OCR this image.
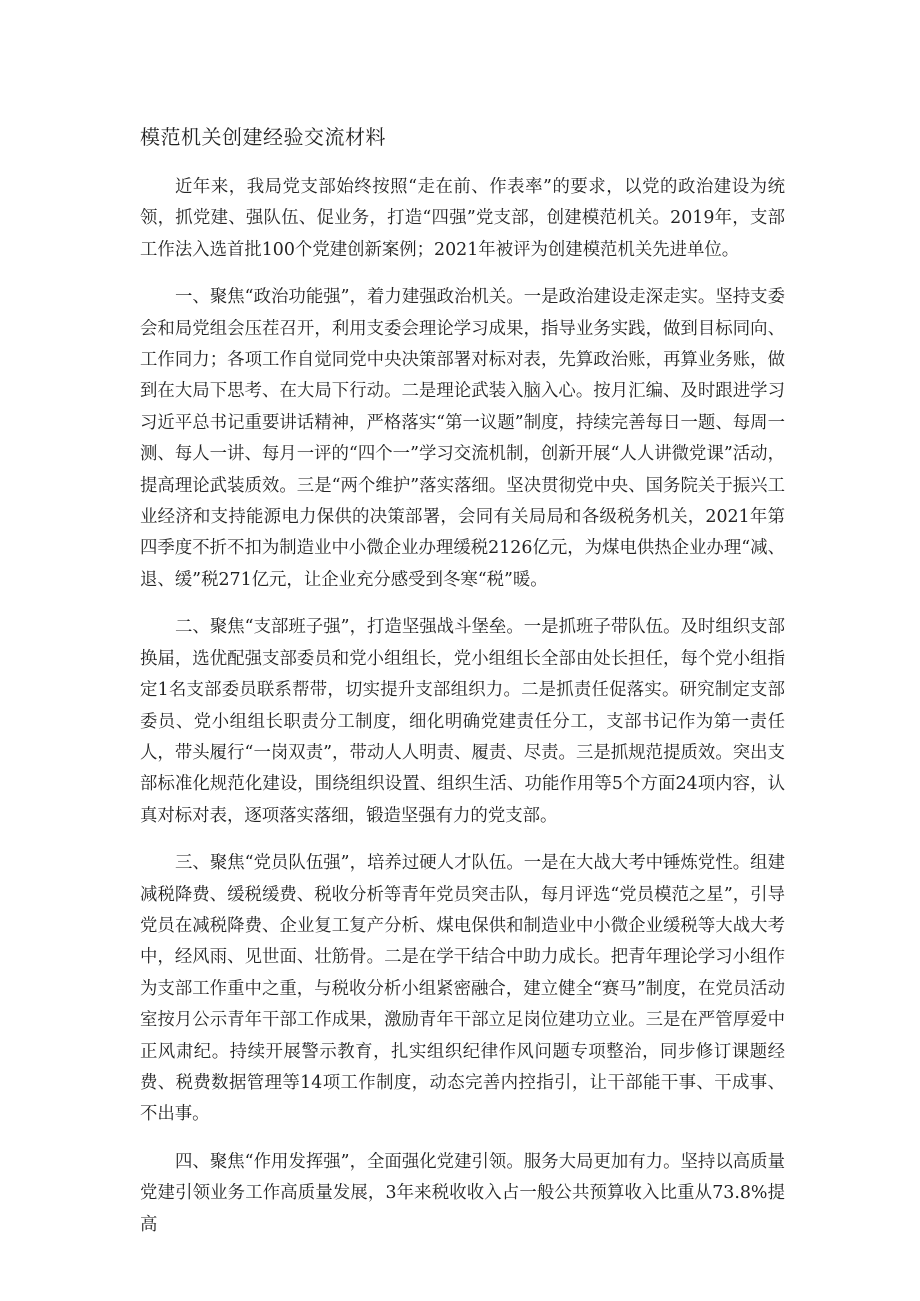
模范机关创建经验交流材料

近年来，我局党支部始终按照“走在前、作表率”的要求，以党的政治建设为统领，抓党建、强队伍、促业务，打造“四强”党支部，创建模范机关。2019年，支部工作法入选首批100个党建创新案例；2021年被评为创建模范机关先进单位。

一、聚焦“政治功能强”，着力建强政治机关。一是政治建设走深走实。坚持支委会和局党组会压茬召开，利用支委会理论学习成果，指导业务实践，做到目标同向、工作同力；各项工作自觉同党中央决策部署对标对表，先算政治账，再算业务账，做到在大局下思考、在大局下行动。二是理论武装入脑入心。按月汇编、及时跟进学习习近平总书记重要讲话精神，严格落实“第一议题”制度，持续完善每日一题、每周一测、每人一讲、每月一评的“四个一”学习交流机制，创新开展“人人讲微党课”活动，提高理论武装质效。三是“两个维护”落实落细。坚决贯彻党中央、国务院关于振兴工业经济和支持能源电力保供的决策部署，会同有关局局和各级税务机关，2021年第四季度不折不扣为制造业中小微企业办理缓税2126亿元，为煤电供热企业办理“减、退、缓”税271亿元，让企业充分感受到冬寒“税”暖。

二、聚焦“支部班子强”，打造坚强战斗堡垒。一是抓班子带队伍。及时组织支部换届，选优配强支部委员和党小组组长，党小组组长全部由处长担任，每个党小组指定1名支部委员联系帮带，切实提升支部组织力。二是抓责任促落实。研究制定支部委员、党小组组长职责分工制度，细化明确党建责任分工，支部书记作为第一责任人，带头履行“一岗双责”，带动人人明责、履责、尽责。三是抓规范提质效。突出支部标准化规范化建设，围绕组织设置、组织生活、功能作用等5个方面24项内容，认真对标对表，逐项落实落细，锻造坚强有力的党支部。

三、聚焦“党员队伍强”，培养过硬人才队伍。一是在大战大考中锤炼党性。组建减税降费、缓税缓费、税收分析等青年党员突击队，每月评选“党员模范之星”，引导党员在减税降费、企业复工复产分析、煤电保供和制造业中小微企业缓税等大战大考中，经风雨、见世面、壮筋骨。二是在学干结合中助力成长。把青年理论学习小组作为支部工作重中之重，与税收分析小组紧密融合，建立健全“赛马”制度，在党员活动室按月公示青年干部工作成果，激励青年干部立足岗位建功立业。三是在严管厚爱中正风肃纪。持续开展警示教育，扎实组织纪律作风问题专项整治，同步修订课题经费、税费数据管理等14项工作制度，动态完善内控指引，让干部能干事、干成事、不出事。

四、聚焦“作用发挥强”，全面强化党建引领。服务大局更加有力。坚持以高质量党建引领业务工作高质量发展，3年来税收收入占一般公共预算收入比重从73.8%提高
